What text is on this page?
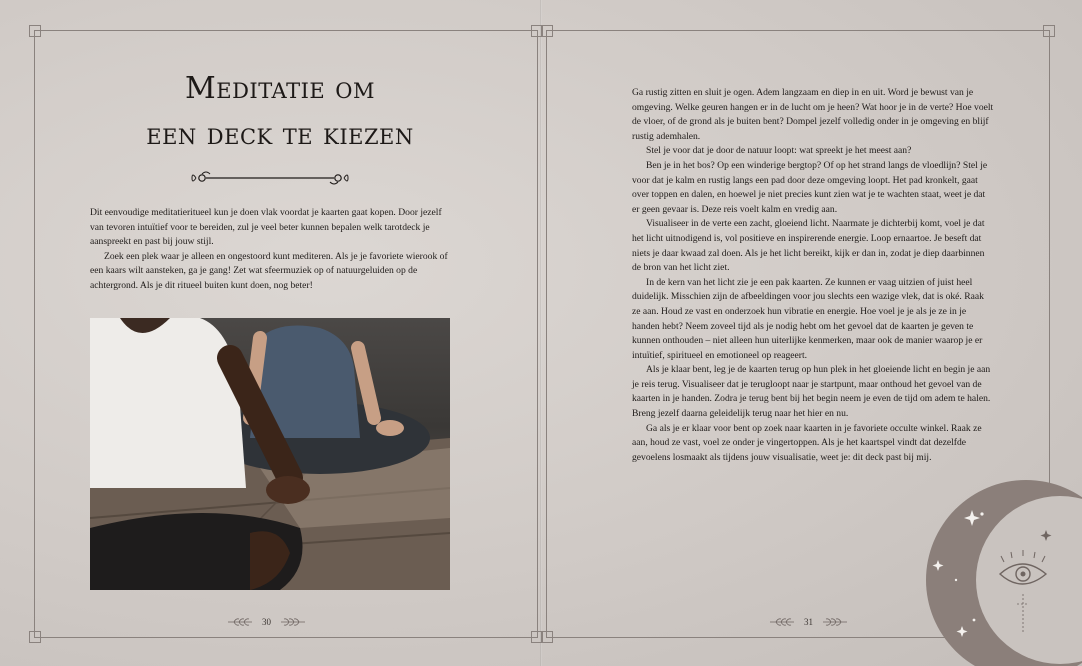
Meditatie om
een deck te kiezen

Dit eenvoudige meditatieritueel kun je doen vlak voordat je kaarten gaat kopen. Door jezelf van tevoren intuïtief voor te bereiden, zul je veel beter kunnen bepalen welk tarotdeck je aanspreekt en past bij jouw stijl.

Zoek een plek waar je alleen en ongestoord kunt mediteren. Als je je favoriete wierook of een kaars wilt aansteken, ga je gang! Zet wat sfeermuziek op of natuurgeluiden op de achtergrond. Als je dit ritueel buiten kunt doen, nog beter!

30

Ga rustig zitten en sluit je ogen. Adem langzaam en diep in en uit. Word je bewust van je omgeving. Welke geuren hangen er in de lucht om je heen? Wat hoor je in de verte? Hoe voelt de vloer, of de grond als je buiten bent? Dompel jezelf volledig onder in je omgeving en blijf rustig ademhalen.

Stel je voor dat je door de natuur loopt: wat spreekt je het meest aan?

Ben je in het bos? Op een winderige bergtop? Of op het strand langs de vloedlijn? Stel je voor dat je kalm en rustig langs een pad door deze omgeving loopt. Het pad kronkelt, gaat over toppen en dalen, en hoewel je niet precies kunt zien wat je te wachten staat, weet je dat er geen gevaar is. Deze reis voelt kalm en vredig aan.

Visualiseer in de verte een zacht, gloeiend licht. Naarmate je dichterbij komt, voel je dat het licht uitnodigend is, vol positieve en inspirerende energie. Loop ernaartoe. Je beseft dat niets je daar kwaad zal doen. Als je het licht bereikt, kijk er dan in, zodat je diep daarbinnen de bron van het licht ziet.

In de kern van het licht zie je een pak kaarten. Ze kunnen er vaag uitzien of juist heel duidelijk. Misschien zijn de afbeeldingen voor jou slechts een wazige vlek, dat is oké. Raak ze aan. Houd ze vast en onderzoek hun vibratie en energie. Hoe voel je je als je ze in je handen hebt? Neem zoveel tijd als je nodig hebt om het gevoel dat de kaarten je geven te kunnen onthouden – niet alleen hun uiterlijke kenmerken, maar ook de manier waarop je er intuïtief, spiritueel en emotioneel op reageert.

Als je klaar bent, leg je de kaarten terug op hun plek in het gloeiende licht en begin je aan je reis terug. Visualiseer dat je terugloopt naar je startpunt, maar onthoud het gevoel van de kaarten in je handen. Zodra je terug bent bij het begin neem je even de tijd om adem te halen. Breng jezelf daarna geleidelijk terug naar het hier en nu.

Ga als je er klaar voor bent op zoek naar kaarten in je favoriete occulte winkel. Raak ze aan, houd ze vast, voel ze onder je vingertoppen. Als je het kaartspel vindt dat dezelfde gevoelens losmaakt als tijdens jouw visualisatie, weet je: dit deck past bij mij.

31
